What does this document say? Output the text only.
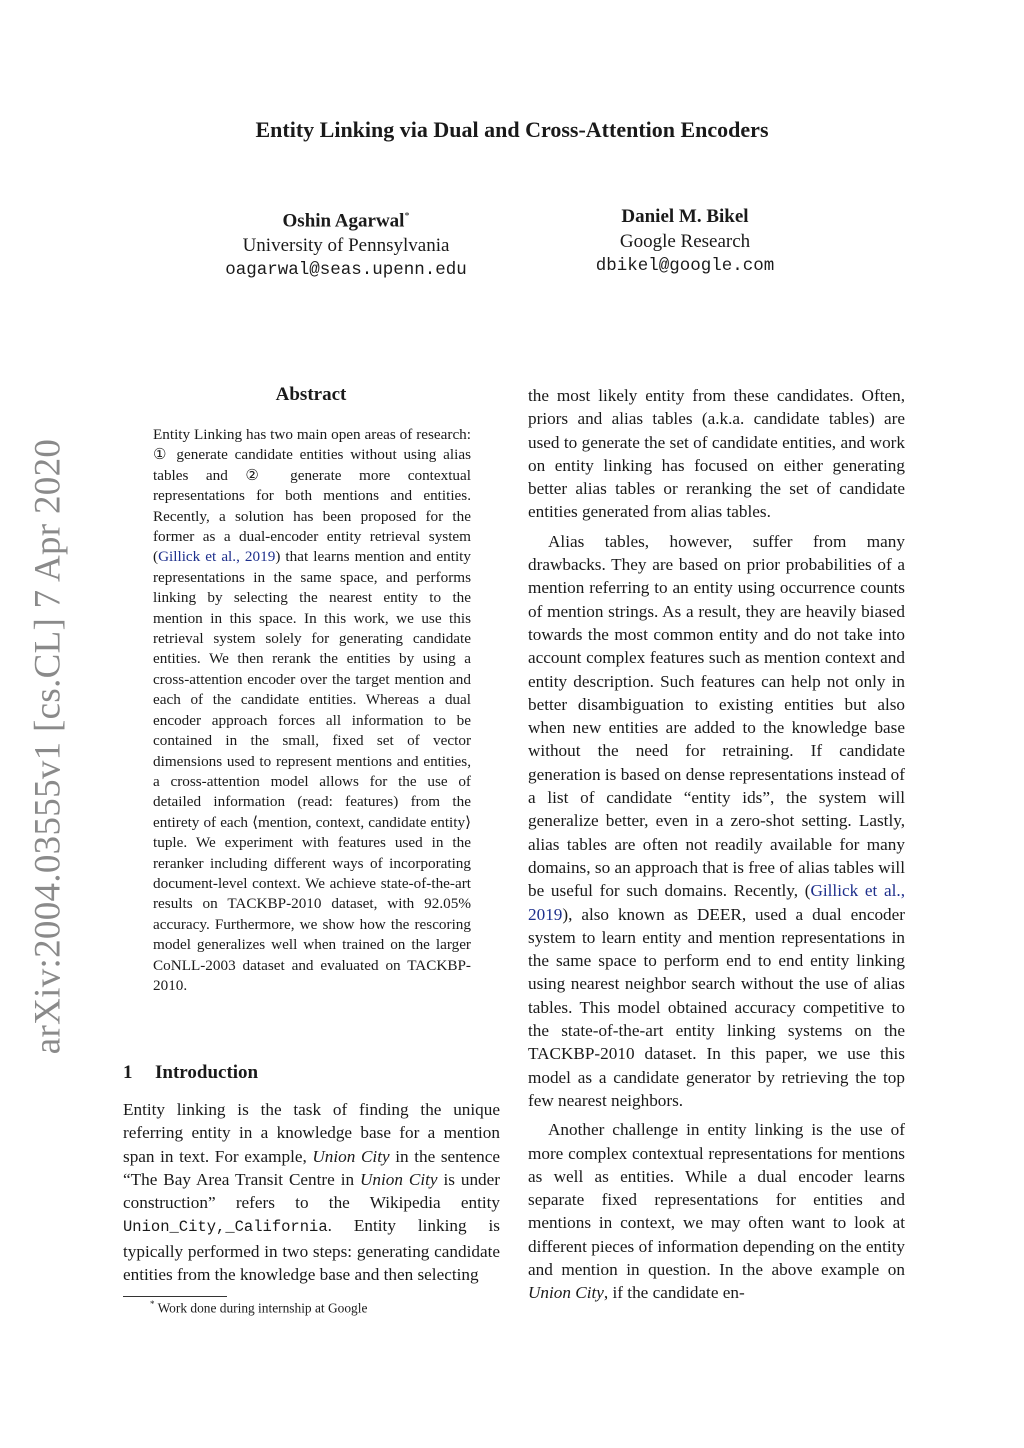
arXiv:2004.03555v1 [cs.CL] 7 Apr 2020
Entity Linking via Dual and Cross-Attention Encoders
Oshin Agarwal*
University of Pennsylvania
oagarwal@seas.upenn.edu
Daniel M. Bikel
Google Research
dbikel@google.com
Abstract
Entity Linking has two main open areas of research: ① generate candidate entities without using alias tables and ② generate more contextual representations for both mentions and entities. Recently, a solution has been proposed for the former as a dual-encoder entity retrieval system (Gillick et al., 2019) that learns mention and entity representations in the same space, and performs linking by selecting the nearest entity to the mention in this space. In this work, we use this retrieval system solely for generating candidate entities. We then rerank the entities by using a cross-attention encoder over the target mention and each of the candidate entities. Whereas a dual encoder approach forces all information to be contained in the small, fixed set of vector dimensions used to represent mentions and entities, a cross-attention model allows for the use of detailed information (read: features) from the entirety of each ⟨mention, context, candidate entity⟩ tuple. We experiment with features used in the reranker including different ways of incorporating document-level context. We achieve state-of-the-art results on TACKBP-2010 dataset, with 92.05% accuracy. Furthermore, we show how the rescoring model generalizes well when trained on the larger CoNLL-2003 dataset and evaluated on TACKBP-2010.
1 Introduction
Entity linking is the task of finding the unique referring entity in a knowledge base for a mention span in text. For example, Union City in the sentence “The Bay Area Transit Centre in Union City is under construction” refers to the Wikipedia entity Union_City,_California. Entity linking is typically performed in two steps: generating candidate entities from the knowledge base and then selecting

the most likely entity from these candidates. Often, priors and alias tables (a.k.a. candidate tables) are used to generate the set of candidate entities, and work on entity linking has focused on either generating better alias tables or reranking the set of candidate entities generated from alias tables.

Alias tables, however, suffer from many drawbacks. They are based on prior probabilities of a mention referring to an entity using occurrence counts of mention strings. As a result, they are heavily biased towards the most common entity and do not take into account complex features such as mention context and entity description. Such features can help not only in better disambiguation to existing entities but also when new entities are added to the knowledge base without the need for retraining. If candidate generation is based on dense representations instead of a list of candidate “entity ids”, the system will generalize better, even in a zero-shot setting. Lastly, alias tables are often not readily available for many domains, so an approach that is free of alias tables will be useful for such domains. Recently, (Gillick et al., 2019), also known as DEER, used a dual encoder system to learn entity and mention representations in the same space to perform end to end entity linking using nearest neighbor search without the use of alias tables. This model obtained accuracy competitive to the state-of-the-art entity linking systems on the TACKBP-2010 dataset. In this paper, we use this model as a candidate generator by retrieving the top few nearest neighbors.

Another challenge in entity linking is the use of more complex contextual representations for mentions as well as entities. While a dual encoder learns separate fixed representations for entities and mentions in context, we may often want to look at different pieces of information depending on the entity and mention in question. In the above example on Union City, if the candidate en-

* Work done during internship at Google
